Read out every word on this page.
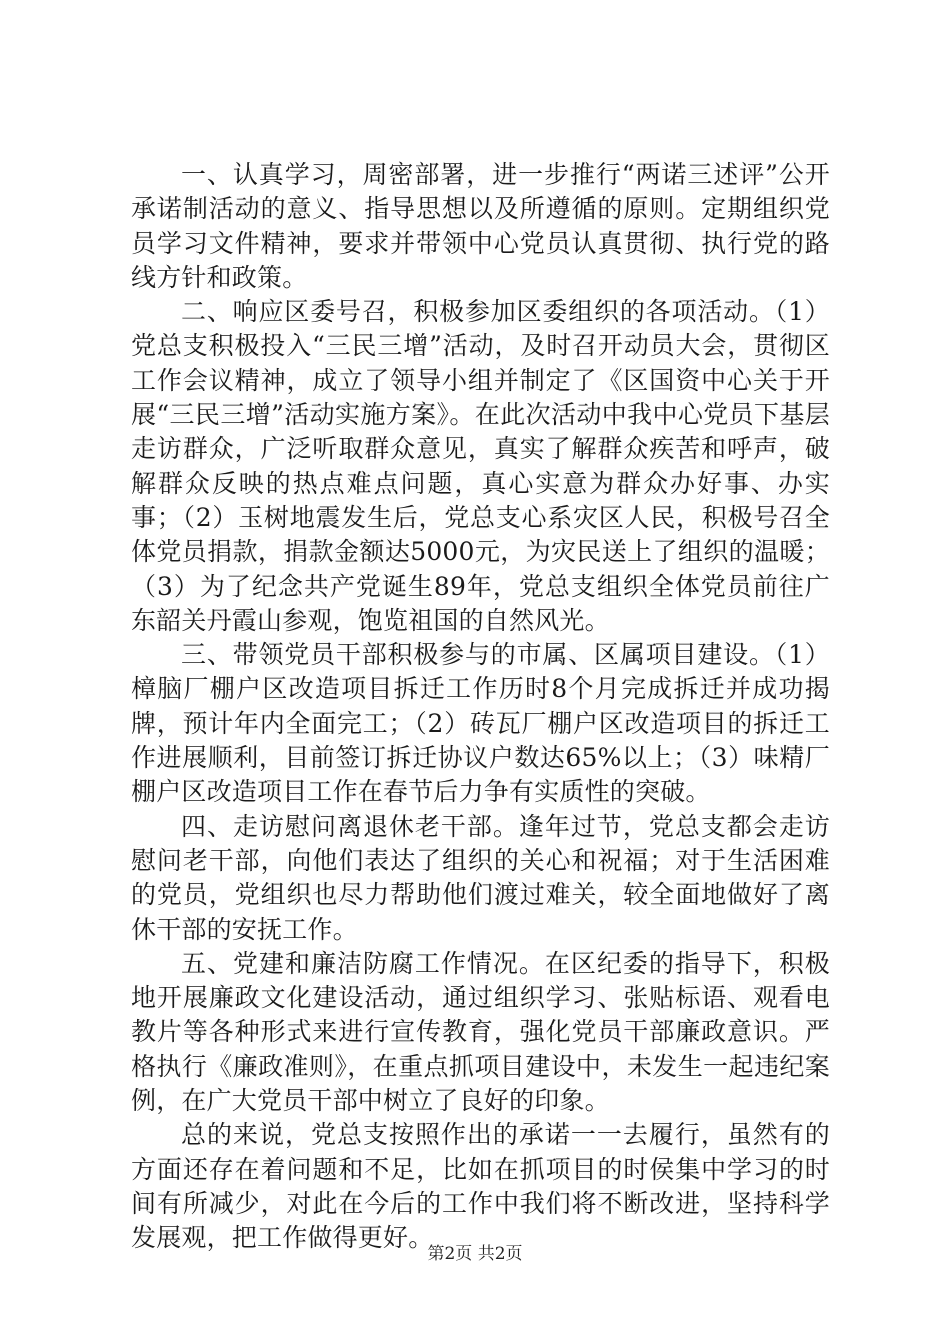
一、认真学习，周密部署，进一步推行“两诺三述评”公开承诺制活动的意义、指导思想以及所遵循的原则。定期组织党员学习文件精神，要求并带领中心党员认真贯彻、执行党的路线方针和政策。

二、响应区委号召，积极参加区委组织的各项活动。（1）党总支积极投入“三民三增”活动，及时召开动员大会，贯彻区工作会议精神，成立了领导小组并制定了《区国资中心关于开展“三民三增”活动实施方案》。在此次活动中我中心党员下基层走访群众，广泛听取群众意见，真实了解群众疾苦和呼声，破解群众反映的热点难点问题，真心实意为群众办好事、办实事；（2）玉树地震发生后，党总支心系灾区人民，积极号召全体党员捐款，捐款金额达5000元，为灾民送上了组织的温暖；（3）为了纪念共产党诞生89年，党总支组织全体党员前往广东韶关丹霞山参观，饱览祖国的自然风光。

三、带领党员干部积极参与的市属、区属项目建设。（1）樟脑厂棚户区改造项目拆迁工作历时8个月完成拆迁并成功揭牌，预计年内全面完工；（2）砖瓦厂棚户区改造项目的拆迁工作进展顺利，目前签订拆迁协议户数达65%以上；（3）味精厂棚户区改造项目工作在春节后力争有实质性的突破。

四、走访慰问离退休老干部。逢年过节，党总支都会走访慰问老干部，向他们表达了组织的关心和祝福；对于生活困难的党员，党组织也尽力帮助他们渡过难关，较全面地做好了离休干部的安抚工作。

五、党建和廉洁防腐工作情况。在区纪委的指导下，积极地开展廉政文化建设活动，通过组织学习、张贴标语、观看电教片等各种形式来进行宣传教育，强化党员干部廉政意识。严格执行《廉政准则》，在重点抓项目建设中，未发生一起违纪案例，在广大党员干部中树立了良好的印象。

总的来说，党总支按照作出的承诺一一去履行，虽然有的方面还存在着问题和不足，比如在抓项目的时侯集中学习的时间有所减少，对此在今后的工作中我们将不断改进，坚持科学发展观，把工作做得更好。

第2页 共2页
